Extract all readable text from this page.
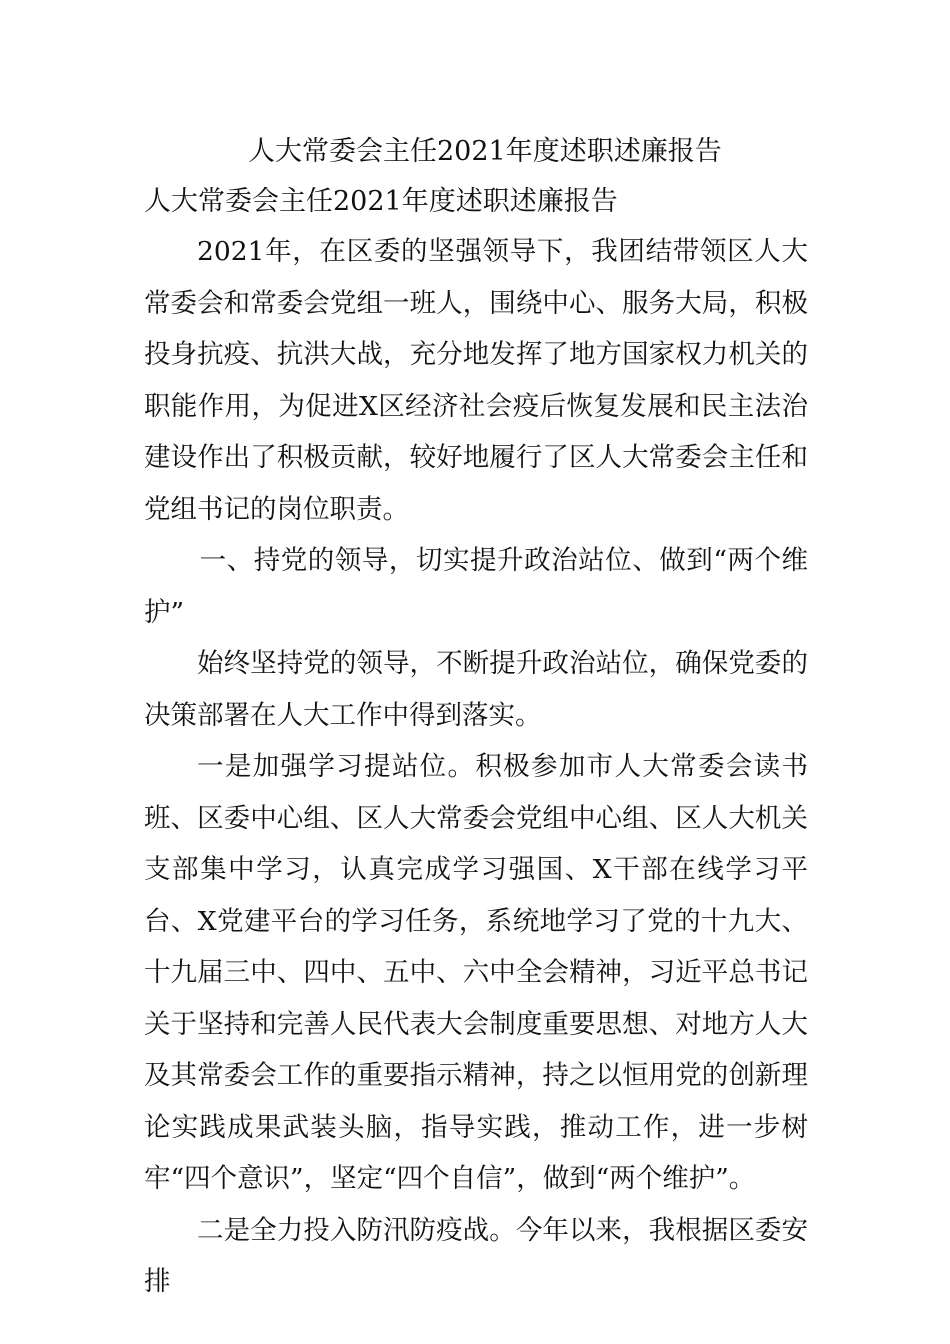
人大常委会主任2021年度述职述廉报告
人大常委会主任2021年度述职述廉报告

2021年，在区委的坚强领导下，我团结带领区人大常委会和常委会党组一班人，围绕中心、服务大局，积极投身抗疫、抗洪大战，充分地发挥了地方国家权力机关的职能作用，为促进X区经济社会疫后恢复发展和民主法治建设作出了积极贡献，较好地履行了区人大常委会主任和党组书记的岗位职责。

一、持党的领导，切实提升政治站位、做到“两个维护”

始终坚持党的领导，不断提升政治站位，确保党委的决策部署在人大工作中得到落实。

一是加强学习提站位。积极参加市人大常委会读书班、区委中心组、区人大常委会党组中心组、区人大机关支部集中学习，认真完成学习强国、X干部在线学习平台、X党建平台的学习任务，系统地学习了党的十九大、十九届三中、四中、五中、六中全会精神，习近平总书记关于坚持和完善人民代表大会制度重要思想、对地方人大及其常委会工作的重要指示精神，持之以恒用党的创新理论实践成果武装头脑，指导实践，推动工作，进一步树牢“四个意识”，坚定“四个自信”，做到“两个维护”。

二是全力投入防汛防疫战。今年以来，我根据区委安排
